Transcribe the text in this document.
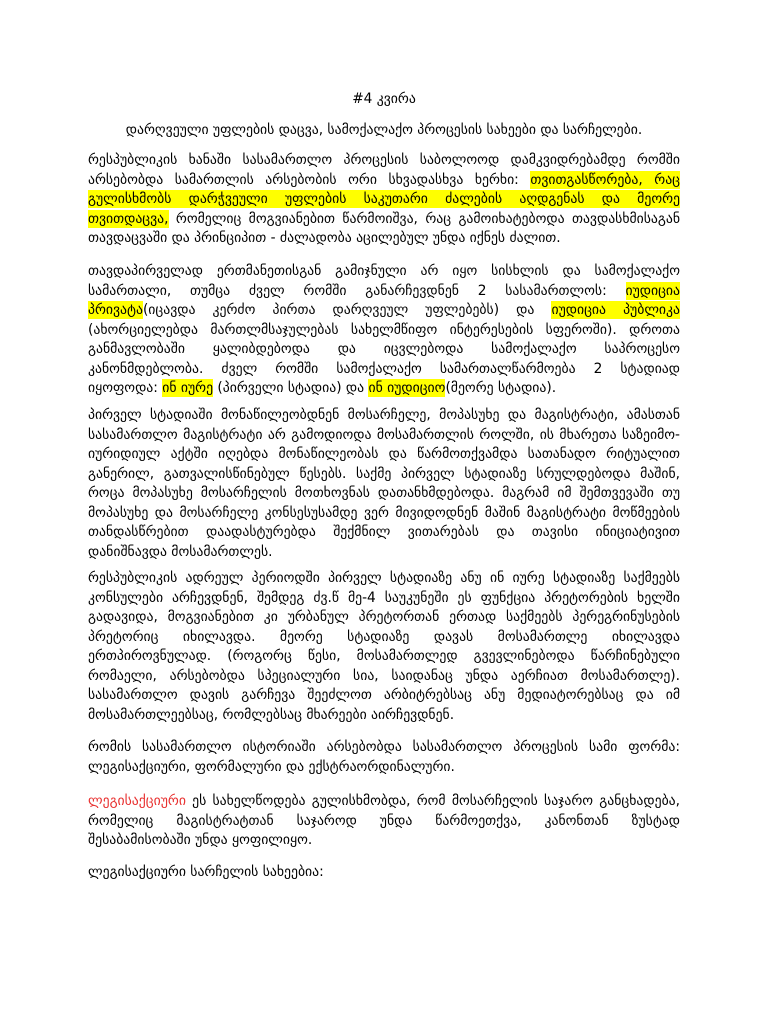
#4 კვირა
დარღვეული უფლების დაცვა, სამოქალაქო პროცესის სახეები და სარჩელები.
რესპუბლიკის ხანაში სასამართლო პროცესის საბოლოოდ დამკვიდრებამდე რომში
არსებობდა სამართლის არსებობის ორი სხვადასხვა ხერხი: თვითგასწორება, რაც
გულისხმობს დარჭვეული უფლების საკუთარი ძალების აღდგენას და მეორე
თვითდაცვა, რომელიც მოგვიანებით წარმოიშვა, რაც გამოიხატებოდა თავდასხმისაგან
თავდაცვაში და პრინციპით - ძალადობა აცილებულ უნდა იქნეს ძალით.
თავდაპირველად ერთმანეთისგან გამიჯნული არ იყო სისხლის და სამოქალაქო
სამართალი, თუმცა ძველ რომში განარჩევდნენ 2 სასამართლოს: იუდიცია
პრივატა(იცავდა კერძო პირთა დარღვეულ უფლებებს) და იუდიცია პუბლიკა
(ახორციელებდა მართლმსაჯულებას სახელმწიფო ინტერესების სფეროში). დროთა
განმავლობაში ყალიბდებოდა და იცვლებოდა სამოქალაქო საპროცესო
კანონმდებლობა. ძველ რომში სამოქალაქო სამართალწარმოება 2 სტადიად
იყოფოდა: ინ იურე (პირველი სტადია) და ინ იუდიციო(მეორე სტადია).
პირველ სტადიაში მონაწილეობდნენ მოსარჩელე, მოპასუხე და მაგისტრატი, ამასთან
სასამართლო მაგისტრატი არ გამოდიოდა მოსამართლის როლში, ის მხარეთა საზეიმო-
იურიდიულ აქტში იღებდა მონაწილეობას და წარმოთქვამდა სათანადო რიტუალით
განერილ, გათვალისწინებულ წესებს. საქმე პირველ სტადიაზე სრულდებოდა მაშინ,
როცა მოპასუხე მოსარჩელის მოთხოვნას დათანხმდებოდა. მაგრამ იმ შემთვევაში თუ
მოპასუხე და მოსარჩელე კონსესუსამდე ვერ მივიდოდნენ მაშინ მაგისტრატი მოწმეების
თანდასწრებით დაადასტურებდა შექმნილ ვითარებას და თავისი ინიციატივით
დანიშნავდა მოსამართლეს.
რესპუბლიკის ადრეულ პერიოდში პირველ სტადიაზე ანუ ინ იურე სტადიაზე საქმეებს
კონსულები არჩევდნენ, შემდეგ ძვ.წ მე-4 საუკუნეში ეს ფუნქცია პრეტორების ხელში
გადავიდა, მოგვიანებით კი ურბანულ პრეტორთან ერთად საქმეებს პერეგრინუსების
პრეტორიც იხილავდა. მეორე სტადიაზე დავას მოსამართლე იხილავდა
ერთპიროვნულად. (როგორც წესი, მოსამართლედ გვევლინებოდა წარჩინებული
რომაელი, არსებობდა სპეციალური სია, საიდანაც უნდა აერჩიათ მოსამართლე).
სასამართლო დავის გარჩევა შეეძლოთ არბიტრებსაც ანუ მედიატორებსაც და იმ
მოსამართლეებსაც, რომლებსაც მხარეები აირჩევდნენ.
რომის სასამართლო ისტორიაში არსებობდა სასამართლო პროცესის სამი ფორმა:
ლეგისაქციური, ფორმალური და ექსტრაორდინალური.
ლეგისაქციური ეს სახელწოდება გულისხმობდა, რომ მოსარჩელის საჯარო განცხადება,
რომელიც მაგისტრატთან საჯაროდ უნდა წარმოეთქვა, კანონთან ზუსტად
შესაბამისობაში უნდა ყოფილიყო.
ლეგისაქციური სარჩელის სახეებია:
